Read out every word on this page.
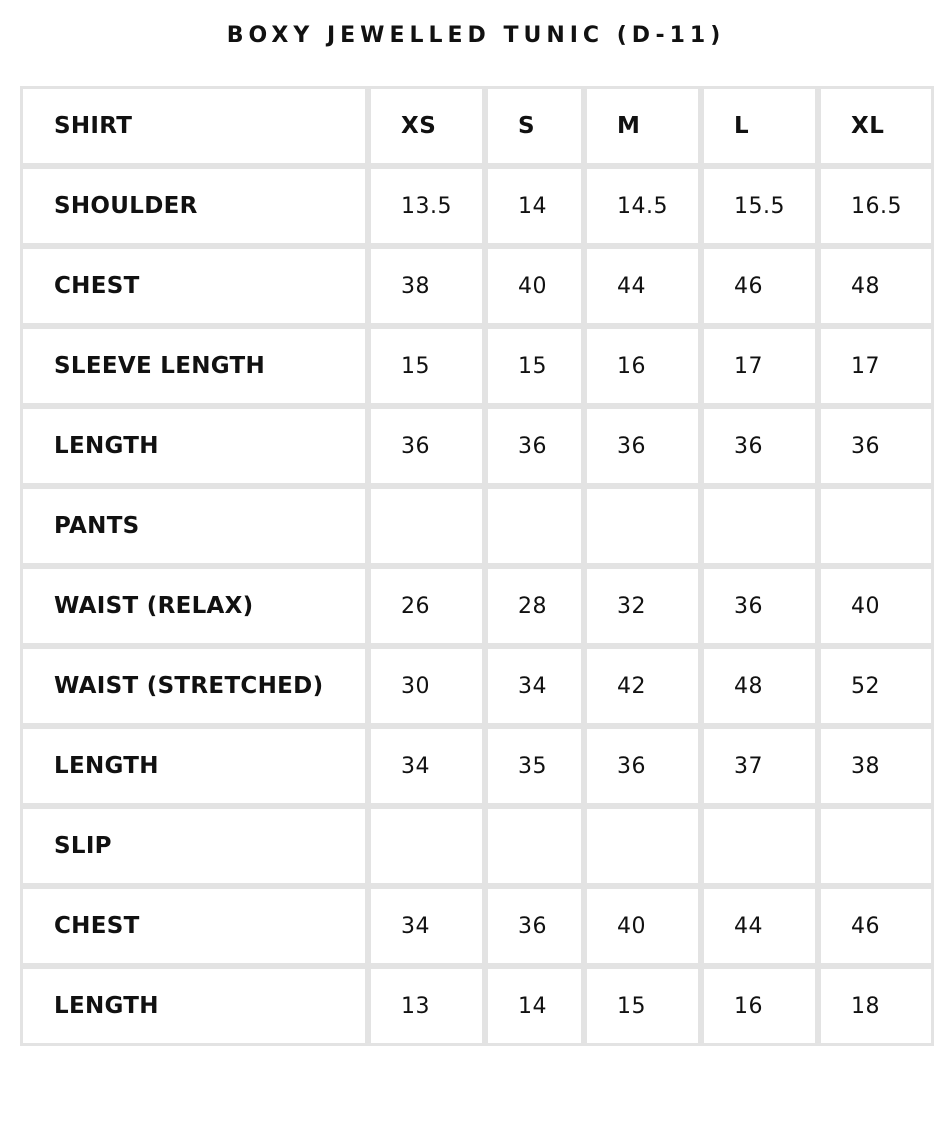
BOXY JEWELLED TUNIC (D-11)
SHIRT	XS	S	M	L	XL
SHOULDER	13.5	14	14.5	15.5	16.5
CHEST	38	40	44	46	48
SLEEVE LENGTH	15	15	16	17	17
LENGTH	36	36	36	36	36
PANTS					
WAIST (RELAX)	26	28	32	36	40
WAIST (STRETCHED)	30	34	42	48	52
LENGTH	34	35	36	37	38
SLIP					
CHEST	34	36	40	44	46
LENGTH	13	14	15	16	18
